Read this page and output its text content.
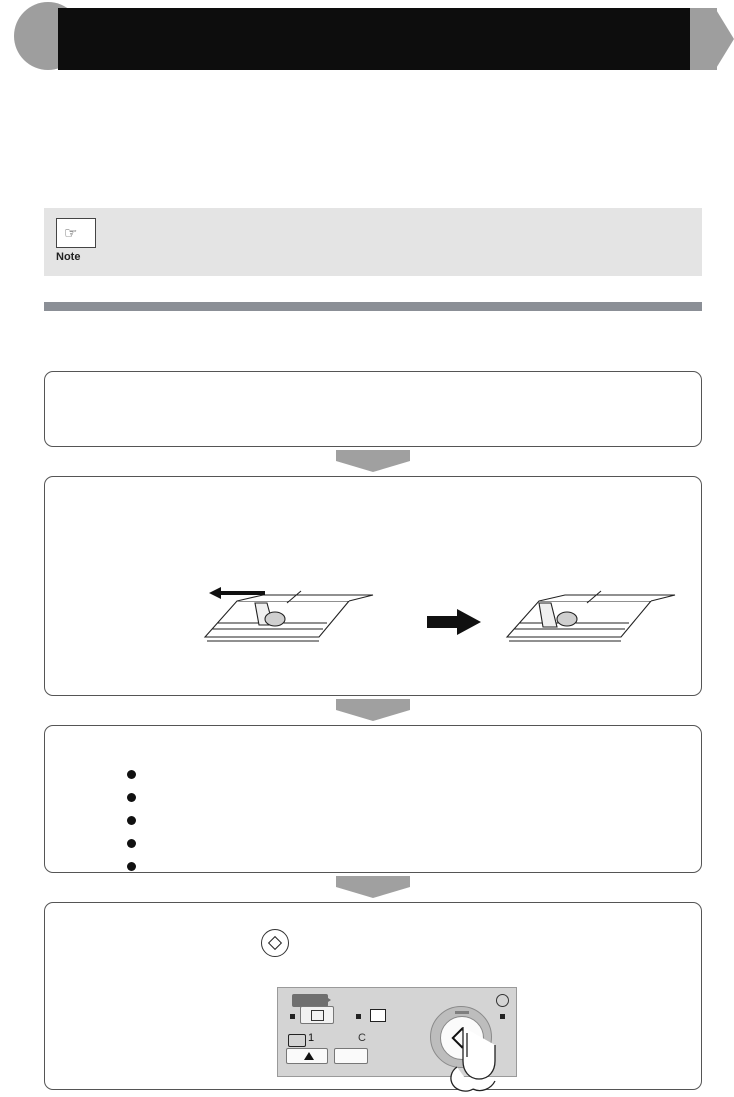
☞
Note
1	C
